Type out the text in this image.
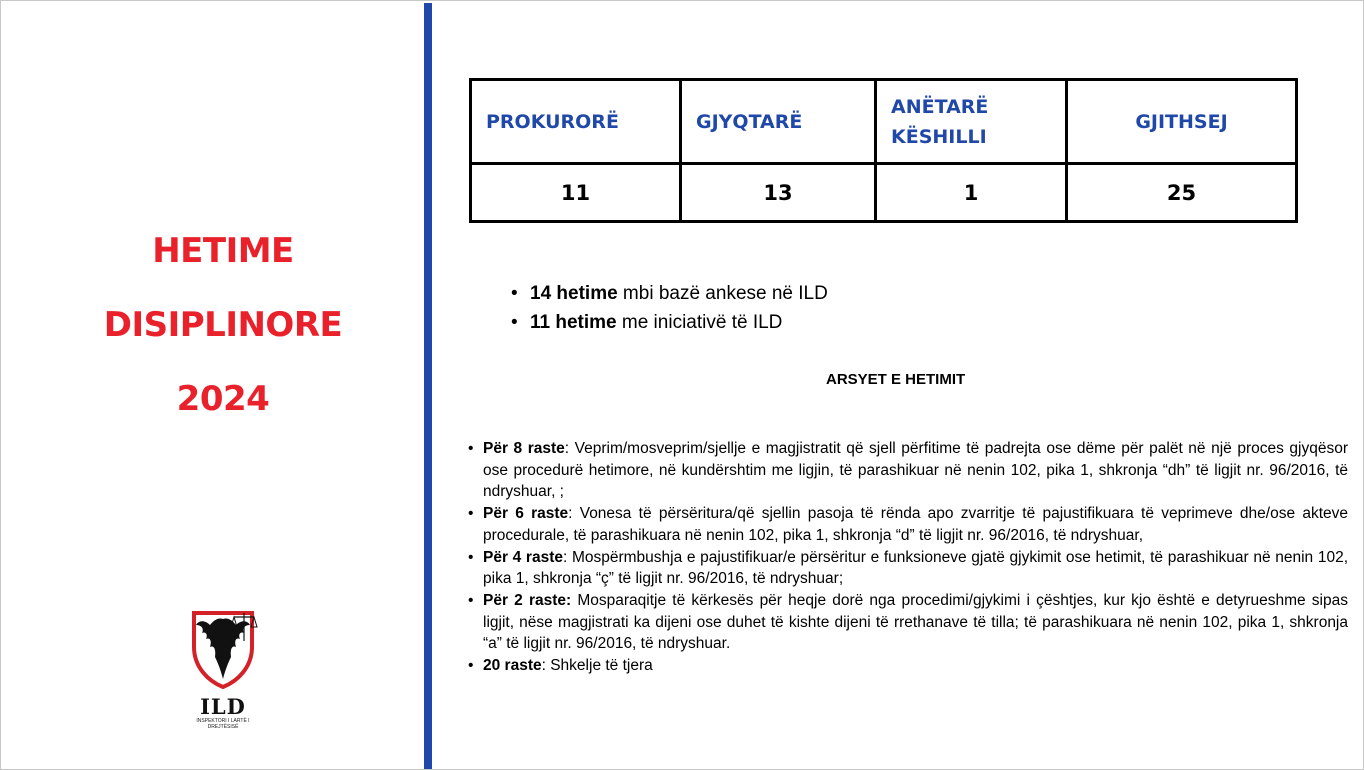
HETIME
DISIPLINORE
2024
ILD
INSPEKTORI I LARTË I DREJTËSISË
PROKURORË	GJYQTARË	ANËTARË KËSHILLI	GJITHSEJ
11	13	1	25
• 14 hetime mbi bazë ankese në ILD
• 11 hetime me iniciativë të ILD
ARSYET E HETIMIT
• Për 8 raste: Veprim/mosveprim/sjellje e magjistratit që sjell përfitime të padrejta ose dëme për palët në një proces gjyqësor ose procedurë hetimore, në kundërshtim me ligjin, të parashikuar në nenin 102, pika 1, shkronja “dh” të ligjit nr. 96/2016, të ndryshuar, ;
• Për 6 raste: Vonesa të përsëritura/që sjellin pasoja të rënda apo zvarritje të pajustifikuara të veprimeve dhe/ose akteve procedurale, të parashikuara në nenin 102, pika 1, shkronja “d” të ligjit nr. 96/2016, të ndryshuar,
• Për 4 raste: Mospërmbushja e pajustifikuar/e përsëritur e funksioneve gjatë gjykimit ose hetimit, të parashikuar në nenin 102, pika 1, shkronja “ç” të ligjit nr. 96/2016, të ndryshuar;
• Për 2 raste: Mosparaqitje të kërkesës për heqje dorë nga procedimi/gjykimi i çështjes, kur kjo është e detyrueshme sipas ligjit, nëse magjistrati ka dijeni ose duhet të kishte dijeni të rrethanave të tilla; të parashikuara në nenin 102, pika 1, shkronja “a” të ligjit nr. 96/2016, të ndryshuar.
• 20 raste: Shkelje të tjera
